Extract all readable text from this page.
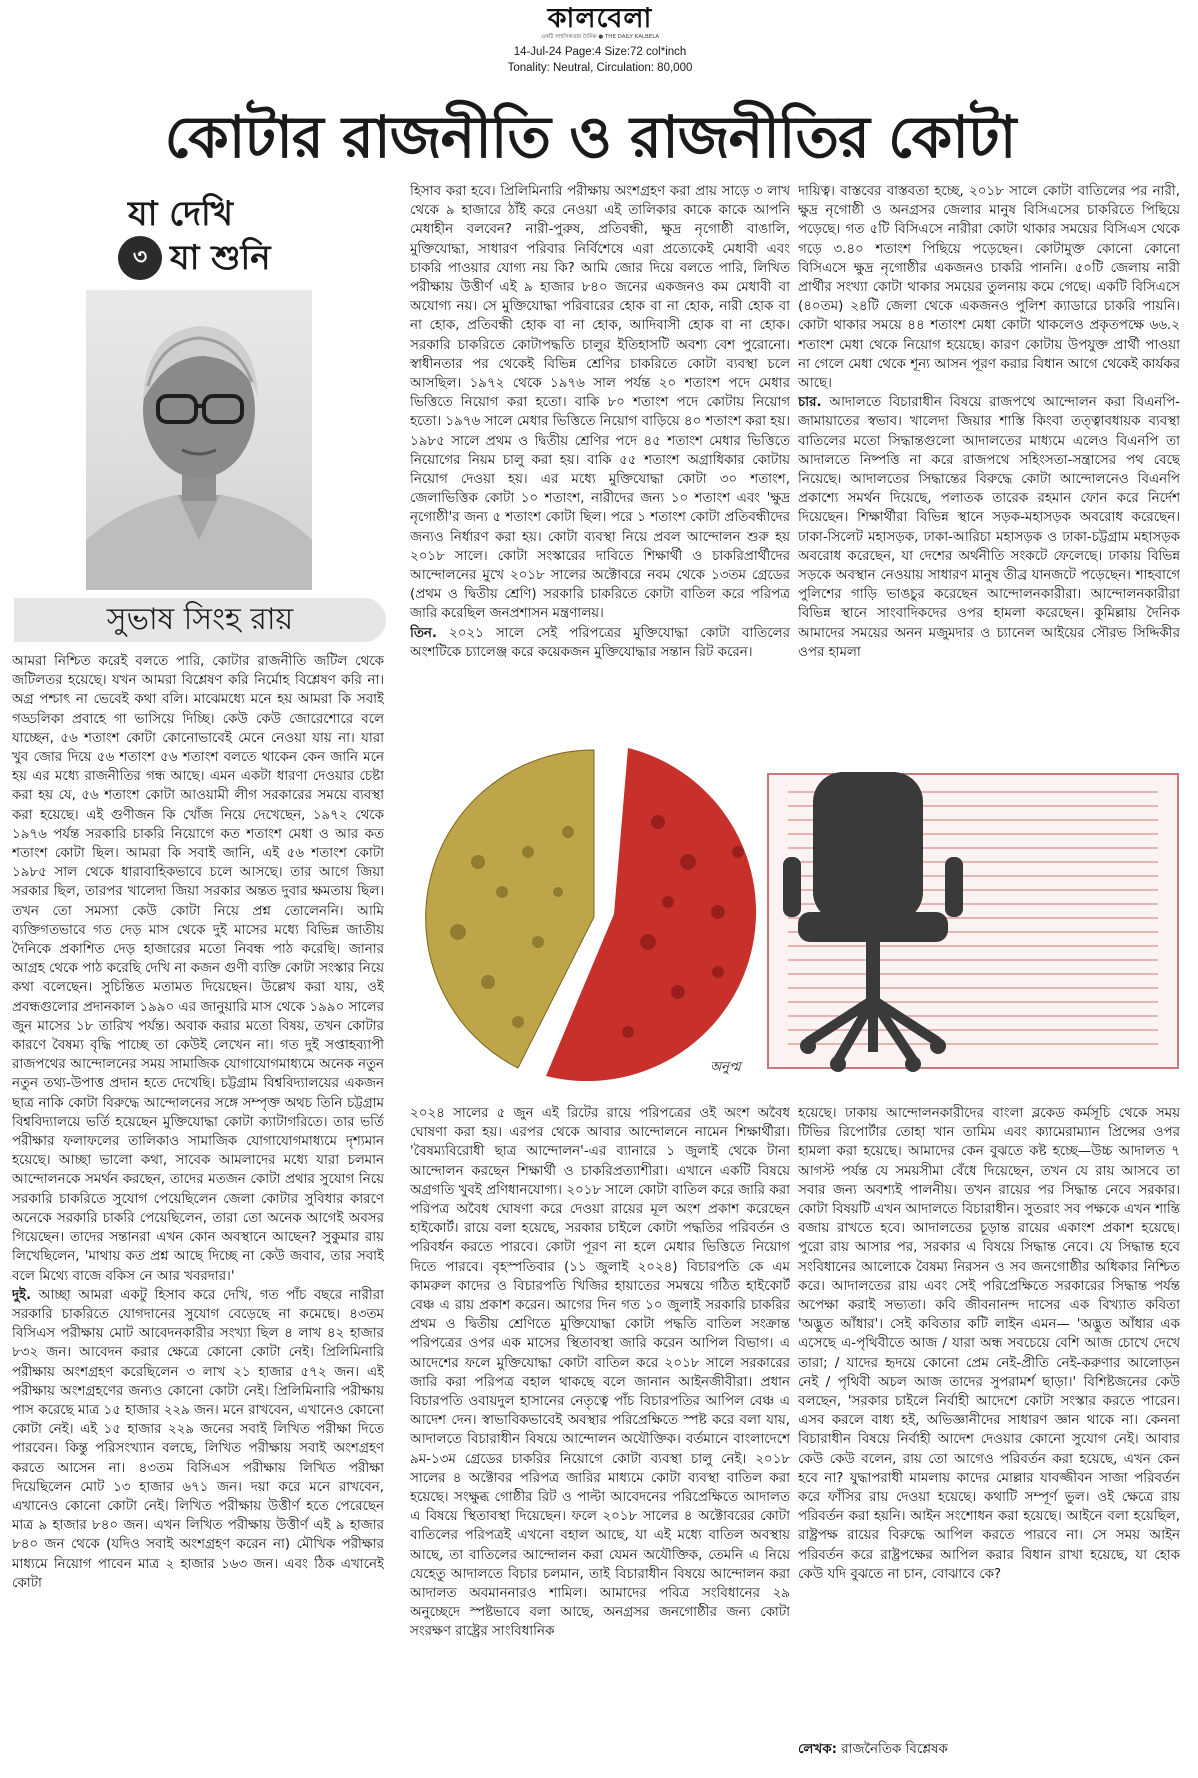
কালবেলা
একটি সাহসিকতার দৈনিক ● THE DAILY KALBELA
14-Jul-24 Page:4 Size:72 col*inch
Tonality: Neutral, Circulation: 80,000
কোটার রাজনীতি ও রাজনীতির কোটা
যা দেখি
৩ যা শুনি
সুভাষ সিংহ রায়

আমরা নিশ্চিত করেই বলতে পারি, কোটার রাজনীতি জটিল থেকে জটিলতর হয়েছে। যখন আমরা বিশ্লেষণ করি নির্মোহ বিশ্লেষণ করি না। অগ্র পশ্চাৎ না ভেবেই কথা বলি। মাঝেমধ্যে মনে হয় আমরা কি সবাই গড্ডলিকা প্রবাহে গা ভাসিয়ে দিচ্ছি। কেউ কেউ জোরেশোরে বলে যাচ্ছেন, ৫৬ শতাংশ কোটা কোনোভাবেই মেনে নেওয়া যায় না। যারা খুব জোর দিয়ে ৫৬ শতাংশ ৫৬ শতাংশ বলতে থাকেন কেন জানি মনে হয় এর মধ্যে রাজনীতির গন্ধ আছে। এমন একটা ধারণা দেওয়ার চেষ্টা করা হয় যে, ৫৬ শতাংশ কোটা আওয়ামী লীগ সরকারের সময়ে ব্যবস্থা করা হয়েছে। এই গুণীজন কি খোঁজ নিয়ে দেখেছেন, ১৯৭২ থেকে ১৯৭৬ পর্যন্ত সরকারি চাকরি নিয়োগে কত শতাংশ মেধা ও আর কত শতাংশ কোটা ছিল। আমরা কি সবাই জানি, এই ৫৬ শতাংশ কোটা ১৯৮৫ সাল থেকে ধারাবাহিকভাবে চলে আসছে। তার আগে জিয়া সরকার ছিল, তারপর খালেদা জিয়া সরকার অন্তত দুবার ক্ষমতায় ছিল। তখন তো সমস্যা কেউ কোটা নিয়ে প্রশ্ন তোলেননি। আমি ব্যক্তিগতভাবে গত দেড় মাস থেকে দুই মাসের মধ্যে বিভিন্ন জাতীয় দৈনিকে প্রকাশিত দেড় হাজারের মতো নিবন্ধ পাঠ করেছি। জানার আগ্রহ থেকে পাঠ করেছি দেখি না কজন গুণী ব্যক্তি কোটা সংস্কার নিয়ে কথা বলেছেন। সুচিন্তিত মতামত দিয়েছেন। উল্লেখ করা যায়, ওই প্রবন্ধগুলোর প্রদানকাল ১৯৯০ এর জানুয়ারি মাস থেকে ১৯৯০ সালের জুন মাসের ১৮ তারিখ পর্যন্ত। অবাক করার মতো বিষয়, তখন কোটার কারণে বৈষম্য বৃদ্ধি পাচ্ছে তা কেউই লেখেন না। গত দুই সপ্তাহব্যাপী রাজপথের আন্দোলনের সময় সামাজিক যোগাযোগমাধ্যমে অনেক নতুন নতুন তথ্য-উপাত্ত প্রদান হতে দেখেছি। চট্টগ্রাম বিশ্ববিদ্যালয়ের একজন ছাত্র নাকি কোটা বিরুদ্ধে আন্দোলনের সঙ্গে সম্পৃক্ত অথচ তিনি চট্টগ্রাম বিশ্ববিদ্যালয়ে ভর্তি হয়েছেন মুক্তিযোদ্ধা কোটা ক্যাটাগরিতে। তার ভর্তি পরীক্ষার ফলাফলের তালিকাও সামাজিক যোগাযোগমাধ্যমে দৃশ্যমান হয়েছে। আচ্ছা ভালো কথা, সাবেক আমলাদের মধ্যে যারা চলমান আন্দোলনকে সমর্থন করছেন, তাদের মতজন কোটা প্রথার সুযোগ নিয়ে সরকারি চাকরিতে সুযোগ পেয়েছিলেন জেলা কোটার সুবিধার কারণে অনেকে সরকারি চাকরি পেয়েছিলেন, তারা তো অনেক আগেই অবসর গিয়েছেন। তাদের সন্তানরা এখন কোন অবস্থানে আছেন? সুকুমার রায় লিখেছিলেন, 'মাথায় কত প্রশ্ন আছে দিচ্ছে না কেউ জবাব, তার সবাই বলে মিথ্যে বাজে বকিস নে আর খবরদার।'

দুই. আচ্ছা আমরা একটু হিসাব করে দেখি, গত পাঁচ বছরে নারীরা সরকারি চাকরিতে যোগদানের সুযোগ বেড়েছে না কমেছে। ৪৩তম বিসিএস পরীক্ষায় মোট আবেদনকারীর সংখ্যা ছিল ৪ লাখ ৪২ হাজার ৮৩২ জন। আবেদন করার ক্ষেত্রে কোনো কোটা নেই। প্রিলিমিনারি পরীক্ষায় অংশগ্রহণ করেছিলেন ৩ লাখ ২১ হাজার ৫৭২ জন। এই পরীক্ষায় অংশগ্রহণের জন্যও কোনো কোটা নেই। প্রিলিমিনারি পরীক্ষায় পাস করেছে মাত্র ১৫ হাজার ২২৯ জন। মনে রাখবেন, এখানেও কোনো কোটা নেই। এই ১৫ হাজার ২২৯ জনের সবাই লিখিত পরীক্ষা দিতে পারবেন। কিন্তু পরিসংখ্যান বলছে, লিখিত পরীক্ষায় সবাই অংশগ্রহণ করতে আসেন না। ৪৩তম বিসিএস পরীক্ষায় লিখিত পরীক্ষা দিয়েছিলেন মোট ১৩ হাজার ৬৭১ জন। দয়া করে মনে রাখবেন, এখানেও কোনো কোটা নেই। লিখিত পরীক্ষায় উত্তীর্ণ হতে পেরেছেন মাত্র ৯ হাজার ৮৪০ জন। এখন লিখিত পরীক্ষায় উত্তীর্ণ এই ৯ হাজার ৮৪০ জন থেকে (যদিও সবাই অংশগ্রহণ করেন না) মৌখিক পরীক্ষার মাধ্যমে নিয়োগ পাবেন মাত্র ২ হাজার ১৬৩ জন। এবং ঠিক এখানেই কোটা

হিসাব করা হবে। প্রিলিমিনারি পরীক্ষায় অংশগ্রহণ করা প্রায় সাড়ে ৩ লাখ থেকে ৯ হাজারে ঠাঁই করে নেওয়া এই তালিকার কাকে কাকে আপনি মেধাহীন বলবেন? নারী-পুরুষ, প্রতিবন্ধী, ক্ষুদ্র নৃগোষ্ঠী বাঙালি, মুক্তিযোদ্ধা, সাধারণ পরিবার নির্বিশেষে এরা প্রত্যেকেই মেধাবী এবং চাকরি পাওয়ার যোগ্য নয় কি? আমি জোর দিয়ে বলতে পারি, লিখিত পরীক্ষায় উত্তীর্ণ এই ৯ হাজার ৮৪০ জনের একজনও কম মেধাবী বা অযোগ্য নয়। সে মুক্তিযোদ্ধা পরিবারের হোক বা না হোক, নারী হোক বা না হোক, প্রতিবন্ধী হোক বা না হোক, আদিবাসী হোক বা না হোক। সরকারি চাকরিতে কোটাপদ্ধতি চালুর ইতিহাসটি অবশ্য বেশ পুরোনো। স্বাধীনতার পর থেকেই বিভিন্ন শ্রেণির চাকরিতে কোটা ব্যবস্থা চলে আসছিল। ১৯৭২ থেকে ১৯৭৬ সাল পর্যন্ত ২০ শতাংশ পদে মেধার ভিত্তিতে নিয়োগ করা হতো। বাকি ৮০ শতাংশ পদে কোটায় নিয়োগ হতো। ১৯৭৬ সালে মেধার ভিত্তিতে নিয়োগ বাড়িয়ে ৪০ শতাংশ করা হয়। ১৯৮৫ সালে প্রথম ও দ্বিতীয় শ্রেণির পদে ৪৫ শতাংশ মেধার ভিত্তিতে নিয়োগের নিয়ম চালু করা হয়। বাকি ৫৫ শতাংশ অগ্রাধিকার কোটায় নিয়োগ দেওয়া হয়। এর মধ্যে মুক্তিযোদ্ধা কোটা ৩০ শতাংশ, জেলাভিত্তিক কোটা ১০ শতাংশ, নারীদের জন্য ১০ শতাংশ এবং 'ক্ষুদ্র নৃগোষ্ঠী'র জন্য ৫ শতাংশ কোটা ছিল। পরে ১ শতাংশ কোটা প্রতিবন্ধীদের জন্যও নির্ধারণ করা হয়। কোটা ব্যবস্থা নিয়ে প্রবল আন্দোলন শুরু হয় ২০১৮ সালে। কোটা সংস্কারের দাবিতে শিক্ষার্থী ও চাকরিপ্রার্থীদের আন্দোলনের মুখে ২০১৮ সালের অক্টোবরে নবম থেকে ১৩তম গ্রেডের (প্রথম ও দ্বিতীয় শ্রেণি) সরকারি চাকরিতে কোটা বাতিল করে পরিপত্র জারি করেছিল জনপ্রশাসন মন্ত্রণালয়।

তিন. ২০২১ সালে সেই পরিপত্রের মুক্তিযোদ্ধা কোটা বাতিলের অংশটিকে চ্যালেঞ্জ করে কয়েকজন মুক্তিযোদ্ধার সন্তান রিট করেন।

দায়িত্ব। বাস্তবের বাস্তবতা হচ্ছে, ২০১৮ সালে কোটা বাতিলের পর নারী, ক্ষুদ্র নৃগোষ্ঠী ও অনগ্রসর জেলার মানুষ বিসিএসের চাকরিতে পিছিয়ে পড়েছে। গত ৫টি বিসিএসে নারীরা কোটা থাকার সময়ের বিসিএস থেকে গড়ে ৩.৪০ শতাংশ পিছিয়ে পড়েছেন। কোটামুক্ত কোনো কোনো বিসিএসে ক্ষুদ্র নৃগোষ্ঠীর একজনও চাকরি পাননি। ৫০টি জেলায় নারী প্রার্থীর সংখ্যা কোটা থাকার সময়ের তুলনায় কমে গেছে। একটি বিসিএসে (৪০তম) ২৪টি জেলা থেকে একজনও পুলিশ ক্যাডারে চাকরি পায়নি। কোটা থাকার সময়ে ৪৪ শতাংশ মেধা কোটা থাকলেও প্রকৃতপক্ষে ৬৬.২ শতাংশ মেধা থেকে নিয়োগ হয়েছে। কারণ কোটায় উপযুক্ত প্রার্থী পাওয়া না গেলে মেধা থেকে শূন্য আসন পূরণ করার বিধান আগে থেকেই কার্যকর আছে।

চার. আদালতে বিচারাধীন বিষয়ে রাজপথে আন্দোলন করা বিএনপি-জামায়াতের স্বভাব। খালেদা জিয়ার শাস্তি কিংবা তত্ত্বাবধায়ক ব্যবস্থা বাতিলের মতো সিদ্ধান্তগুলো আদালতের মাধ্যমে এলেও বিএনপি তা আদালতে নিষ্পত্তি না করে রাজপথে সহিংসতা-সন্ত্রাসের পথ বেছে নিয়েছে। আদালতের সিদ্ধান্তের বিরুদ্ধে কোটা আন্দোলনেও বিএনপি প্রকাশ্যে সমর্থন দিয়েছে, পলাতক তারেক রহমান ফোন করে নির্দেশ দিয়েছেন। শিক্ষার্থীরা বিভিন্ন স্থানে সড়ক-মহাসড়ক অবরোধ করেছেন। ঢাকা-সিলেট মহাসড়ক, ঢাকা-আরিচা মহাসড়ক ও ঢাকা-চট্টগ্রাম মহাসড়ক অবরোধ করেছেন, যা দেশের অর্থনীতি সংকটে ফেলেছে। ঢাকায় বিভিন্ন সড়কে অবস্থান নেওয়ায় সাধারণ মানুষ তীব্র যানজটে পড়েছেন। শাহবাগে পুলিশের গাড়ি ভাঙচুর করেছেন আন্দোলনকারীরা। আন্দোলনকারীরা বিভিন্ন স্থানে সাংবাদিকদের ওপর হামলা করেছেন। কুমিল্লায় দৈনিক আমাদের সময়ের অনন মজুমদার ও চ্যানেল আইয়ের সৌরভ সিদ্দিকীর ওপর হামলা

অনুপ্ম

২০২৪ সালের ৫ জুন এই রিটের রায়ে পরিপত্রের ওই অংশ অবৈধ ঘোষণা করা হয়। এরপর থেকে আবার আন্দোলনে নামেন শিক্ষার্থীরা। 'বৈষম্যবিরোধী ছাত্র আন্দোলন'-এর ব্যানারে ১ জুলাই থেকে টানা আন্দোলন করছেন শিক্ষার্থী ও চাকরিপ্রত্যাশীরা। এখানে একটি বিষয়ে অগ্রগতি খুবই প্রণিধানযোগ্য। ২০১৮ সালে কোটা বাতিল করে জারি করা পরিপত্র অবৈধ ঘোষণা করে দেওয়া রায়ের মূল অংশ প্রকাশ করেছেন হাইকোর্ট। রায়ে বলা হয়েছে, সরকার চাইলে কোটা পদ্ধতির পরিবর্তন ও পরিবর্ধন করতে পারবে। কোটা পূরণ না হলে মেধার ভিত্তিতে নিয়োগ দিতে পারবে। বৃহস্পতিবার (১১ জুলাই ২০২৪) বিচারপতি কে এম কামরুল কাদের ও বিচারপতি খিজির হায়াতের সমন্বয়ে গঠিত হাইকোর্ট বেঞ্চ এ রায় প্রকাশ করেন। আগের দিন গত ১০ জুলাই সরকারি চাকরির প্রথম ও দ্বিতীয় শ্রেণিতে মুক্তিযোদ্ধা কোটা পদ্ধতি বাতিল সংক্রান্ত পরিপত্রের ওপর এক মাসের স্থিতাবস্থা জারি করেন আপিল বিভাগ। এ আদেশের ফলে মুক্তিযোদ্ধা কোটা বাতিল করে ২০১৮ সালে সরকারের জারি করা পরিপত্র বহাল থাকছে বলে জানান আইনজীবীরা। প্রধান বিচারপতি ওবায়দুল হাসানের নেতৃত্বে পাঁচ বিচারপতির আপিল বেঞ্চ এ আদেশ দেন। স্বাভাবিকভাবেই অবস্থার পরিপ্রেক্ষিতে স্পষ্ট করে বলা যায়, আদালতে বিচারাধীন বিষয়ে আন্দোলন অযৌক্তিক। বর্তমানে বাংলাদেশে ৯ম-১৩ম গ্রেডের চাকরির নিয়োগে কোটা ব্যবস্থা চালু নেই। ২০১৮ সালের ৪ অক্টোবর পরিপত্র জারির মাধ্যমে কোটা ব্যবস্থা বাতিল করা হয়েছে। সংক্ষুব্ধ গোষ্ঠীর রিট ও পাল্টা আবেদনের পরিপ্রেক্ষিতে আদালত এ বিষয়ে স্থিতাবস্থা দিয়েছেন। ফলে ২০১৮ সালের ৪ অক্টোবরের কোটা বাতিলের পরিপত্রই এখনো বহাল আছে, যা এই মধ্যে বাতিল অবস্থায় আছে, তা বাতিলের আন্দোলন করা যেমন অযৌক্তিক, তেমনি এ নিয়ে যেহেতু আদালতে বিচার চলমান, তাই বিচারাধীন বিষয়ে আন্দোলন করা আদালত অবমাননারও শামিল। আমাদের পবিত্র সংবিধানের ২৯ অনুচ্ছেদে স্পষ্টভাবে বলা আছে, অনগ্রসর জনগোষ্ঠীর জন্য কোটা সংরক্ষণ রাষ্ট্রের সাংবিধানিক

হয়েছে। ঢাকায় আন্দোলনকারীদের বাংলা ব্লকেড কর্মসূচি থেকে সময় টিভির রিপোর্টার তোহা খান তামিম এবং ক্যামেরাম্যান প্রিন্সের ওপর হামলা করা হয়েছে। আমাদের কেন বুঝতে কষ্ট হচ্ছে—উচ্চ আদালত ৭ আগস্ট পর্যন্ত যে সময়সীমা বেঁধে দিয়েছেন, তখন যে রায় আসবে তা সবার জন্য অবশ্যই পালনীয়। তখন রায়ের পর সিদ্ধান্ত নেবে সরকার। কোটা বিষয়টি এখন আদালতে বিচারাধীন। সুতরাং সব পক্ষকে এখন শান্তি বজায় রাখতে হবে। আদালতের চূড়ান্ত রায়ের একাংশ প্রকাশ হয়েছে। পুরো রায় আসার পর, সরকার এ বিষয়ে সিদ্ধান্ত নেবে। যে সিদ্ধান্ত হবে সংবিধানের আলোকে বৈষম্য নিরসন ও সব জনগোষ্ঠীর অধিকার নিশ্চিত করে। আদালতের রায় এবং সেই পরিপ্রেক্ষিতে সরকারের সিদ্ধান্ত পর্যন্ত অপেক্ষা করাই সভ্যতা। কবি জীবনানন্দ দাসের এক বিখ্যাত কবিতা 'অদ্ভুত আঁধার'। সেই কবিতার কটি লাইন এমন— 'অদ্ভুত আঁধার এক এসেছে এ-পৃথিবীতে আজ / যারা অন্ধ সবচেয়ে বেশি আজ চোখে দেখে তারা; / যাদের হৃদয়ে কোনো প্রেম নেই-প্রীতি নেই-করুণার আলোড়ন নেই / পৃথিবী অচল আজ তাদের সুপরামর্শ ছাড়া।' বিশিষ্টজনের কেউ বলছেন, 'সরকার চাইলে নির্বাহী আদেশে কোটা সংস্কার করতে পারেন। এসব করলে বাধ্য হই, অভিজ্ঞানীদের সাধারণ জ্ঞান থাকে না। কেননা বিচারাধীন বিষয়ে নির্বাহী আদেশ দেওয়ার কোনো সুযোগ নেই। আবার কেউ কেউ বলেন, রায় তো আগেও পরিবর্তন করা হয়েছে, এখন কেন হবে না? যুদ্ধাপরাধী মামলায় কাদের মোল্লার যাবজ্জীবন সাজা পরিবর্তন করে ফাঁসির রায় দেওয়া হয়েছে। কথাটি সম্পূর্ণ ভুল। ওই ক্ষেত্রে রায় পরিবর্তন করা হয়নি। আইন সংশোধন করা হয়েছে। আইনে বলা হয়েছিল, রাষ্ট্রপক্ষ রায়ের বিরুদ্ধে আপিল করতে পারবে না। সে সময় আইন পরিবর্তন করে রাষ্ট্রপক্ষের আপিল করার বিধান রাখা হয়েছে, যা হোক কেউ যদি বুঝতে না চান, বোঝাবে কে?

লেখক: রাজনৈতিক বিশ্লেষক
